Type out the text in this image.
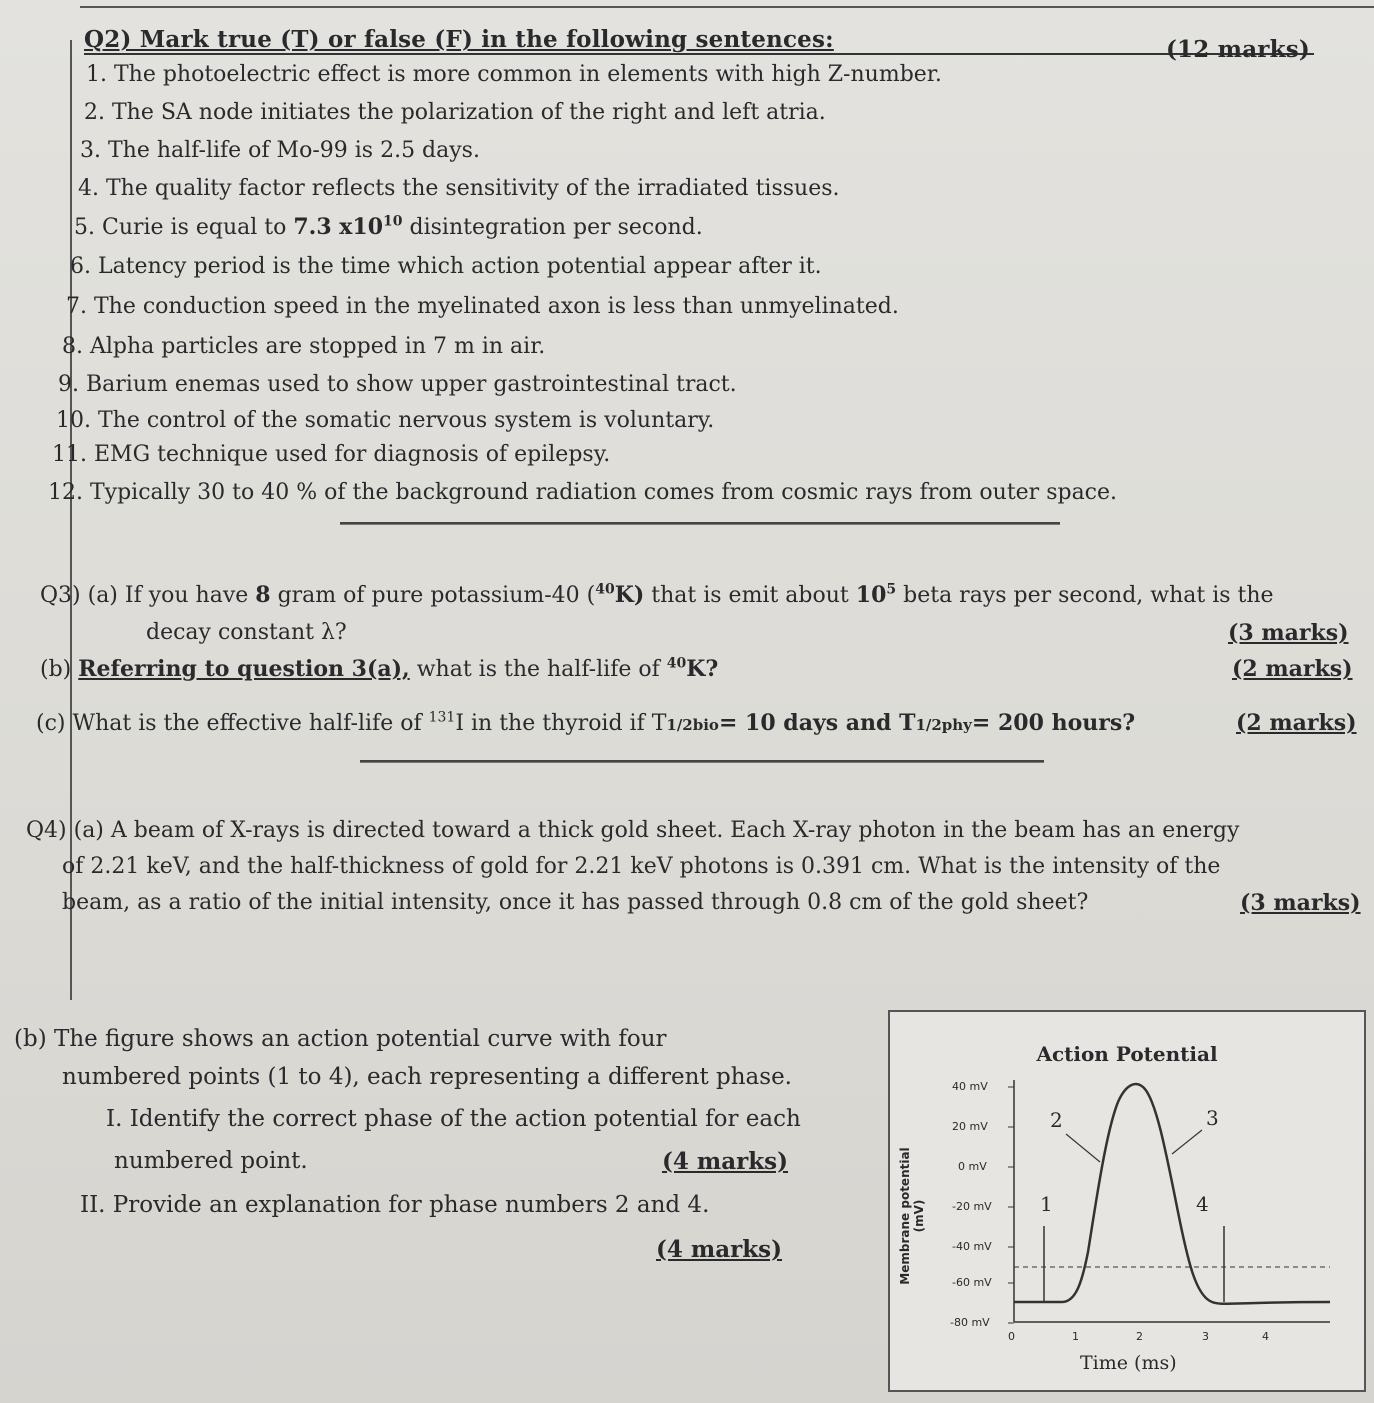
Q2) Mark true (T) or false (F) in the following sentences:	(12 marks)
1. The photoelectric effect is more common in elements with high Z-number.
2. The SA node initiates the polarization of the right and left atria.
3. The half-life of Mo-99 is 2.5 days.
4. The quality factor reflects the sensitivity of the irradiated tissues.
5. Curie is equal to 7.3 $x10^{10}$ disintegration per second.
6. Latency period is the time which action potential appear after it.
7. The conduction speed in the myelinated axon is less than unmyelinated.
8. Alpha particles are stopped in 7 m in air.
9. Barium enemas used to show upper gastrointestinal tract.
10. The control of the somatic nervous system is voluntary.
11. EMG technique used for diagnosis of epilepsy.
12. Typically 30 to 40 % of the background radiation comes from cosmic rays from outer space.
Q3) (a) If you have 8 gram of pure potassium-40 ($^{40}$K) that is emit about $10^5$ beta rays per second, what is the
decay constant λ?	(3 marks)
(b) Referring to question 3(a), what is the half-life of $^{40}$K?	(2 marks)
(c) What is the effective half-life of $^{131}$I in the thyroid if T1/2bio= 10 days and T1/2phy= 200 hours?	(2 marks)
Q4) (a) A beam of X-rays is directed toward a thick gold sheet. Each X-ray photon in the beam has an energy
of 2.21 keV, and the half-thickness of gold for 2.21 keV photons is 0.391 cm. What is the intensity of the
beam, as a ratio of the initial intensity, once it has passed through 0.8 cm of the gold sheet?	(3 marks)
(b) The figure shows an action potential curve with four
numbered points (1 to 4), each representing a different phase.
I. Identify the correct phase of the action potential for each
numbered point.	(4 marks)
II. Provide an explanation for phase numbers 2 and 4.
(4 marks)
Action Potential
Membrane potential (mV)
40 mV
20 mV
0 mV
-20 mV
-40 mV
-60 mV
-80 mV
0	1	2	3	4
1
2	3
4
Time (ms)
